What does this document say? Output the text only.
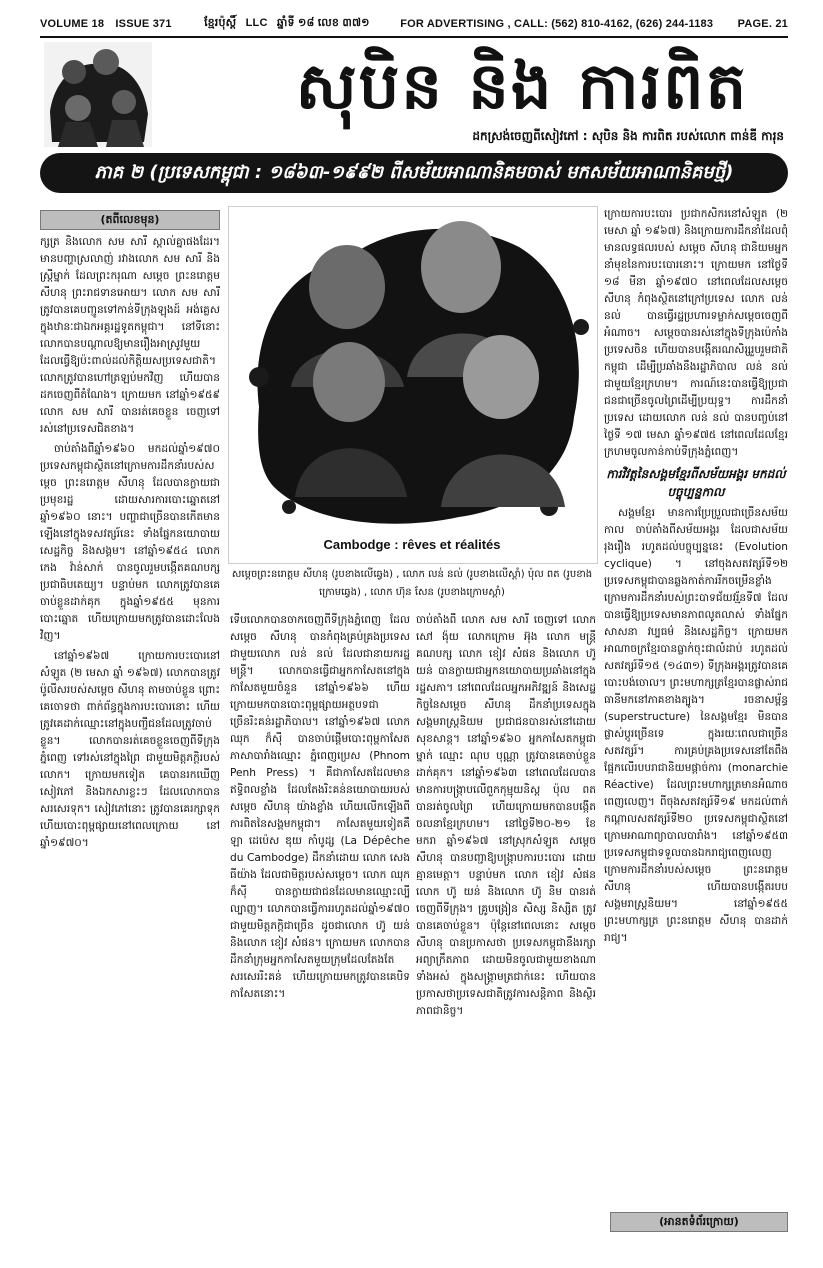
VOLUME 18 ISSUE 371	ខ្មែរប៉ុស្តិ៍ LLC ឆ្នាំទី ១៨ លេខ ៣៧១	FOR ADVERTISING , CALL: (562) 810-4162, (626) 244-1183 PAGE. 21
សុបិន និង ការពិត
ដកស្រង់ចេញពីសៀវភៅ : សុបិន និង ការពិត របស់លោក ពាន់ឌី ការុន
ភាគ ២ (ប្រទេសកម្ពុជា : ១៨៦៣-១៩៩២ ពីសម័យអាណានិគមចាស់ មកសម័យអាណានិគមថ្មី)
(តពីលេខមុន)

ក្សត្រ និងលោក សម សារី ស្គាល់គ្នាផងដែរ។ មានបញ្ហាស្រលាញ់ រវាងលោក សម សារី និងស្ត្រីម្នាក់ ដែលព្រះករុណា សម្តេច ព្រះនរោត្តម សីហនុ ព្រះរាជទានអោយ។ លោក សម សារី ត្រូវបានគេបញ្ជូនទៅកាន់ទីក្រុងឡុងដ៍ អង់គ្លេស ក្នុងឋានៈជាឯកអគ្គរដ្ឋទូតកម្ពុជា។ នៅទីនោះ លោកបានបណ្តាលឱ្យមានរឿងអាស្រូវមួយ ដែលធ្វើឱ្យប៉ះពាល់ដល់កិត្តិយសប្រទេសជាតិ។ លោកត្រូវបានហៅត្រឡប់មកវិញ ហើយបានដកចេញពីតំណែង។ ក្រោយមក នៅឆ្នាំ១៩៥៩ លោក សម សារី បានរត់គេចខ្លួន ចេញទៅរស់នៅប្រទេសជិតខាង។

ចាប់តាំងពីឆ្នាំ១៩៦០ មកដល់ឆ្នាំ១៩៧០ ប្រទេសកម្ពុជាស្ថិតនៅក្រោមការដឹកនាំរបស់សម្តេច ព្រះនរោត្តម សីហនុ ដែលបានក្លាយជាប្រមុខរដ្ឋ ដោយសារការបោះឆ្នោតនៅឆ្នាំ១៩៦០ នោះ។ បញ្ហាជាច្រើនបានកើតមានឡើងនៅក្នុងទសវត្សរ៍នេះ ទាំងផ្នែកនយោបាយ សេដ្ឋកិច្ច និងសង្គម។ នៅឆ្នាំ១៩៥៤ លោក កេង វ៉ាន់សាក់ បានចូលរួមបង្កើតគណបក្សប្រជាធិបតេយ្យ។ បន្ទាប់មក លោកត្រូវបានគេចាប់ខ្លួនដាក់គុក ក្នុងឆ្នាំ១៩៥៥ មុនការបោះឆ្នោត ហើយក្រោយមកត្រូវបានដោះលែងវិញ។

នៅឆ្នាំ១៩៦៧ ក្រោយការបះបោរនៅសំឡូត (២ មេសា ឆ្នាំ ១៩៦៧) លោកបានត្រូវប៉ូលីសរបស់សម្តេច សីហនុ តាមចាប់ខ្លួន ព្រោះគេចោទថា ពាក់ព័ន្ធក្នុងការបះបោរនោះ ហើយត្រូវគេដាក់ឈ្មោះនៅក្នុងបញ្ជីជនដែលត្រូវចាប់ខ្លួន។ លោកបានរត់គេចខ្លួនចេញពីទីក្រុងភ្នំពេញ ទៅរស់នៅក្នុងព្រៃ ជាមួយមិត្តភក្តិរបស់លោក។ ក្រោយមកទៀត គេបានរកឃើញសៀវភៅ និងឯកសារខ្លះៗ ដែលលោកបានសរសេរទុក។ សៀវភៅនោះ ត្រូវបានគេរក្សាទុក ហើយបោះពុម្ពផ្សាយនៅពេលក្រោយ នៅឆ្នាំ១៩៧០។

Cambodge : rêves et réalités
សម្តេចព្រះនរោត្តម សីហនុ (រូបខាងលើឆ្វេង) , លោក លន់ នល់ (រូបខាងលើស្តាំ) ប៉ុល ពត (រូបខាងក្រោមឆ្វេង) , លោក ហ៊ុន សែន (រូបខាងក្រោមស្តាំ)

ទើបលោកបានចាកចេញពីទីក្រុងភ្នំពេញ ដែលសម្តេច សីហនុ បានកំពុងគ្រប់គ្រងប្រទេស ជាមួយលោក លន់ នល់ ដែលជានាយករដ្ឋមន្ត្រី។ លោកបានធ្វើជាអ្នកកាសែតនៅក្នុងកាសែតមួយចំនួន នៅឆ្នាំ១៩៦៦ ហើយក្រោយមកបានបោះពុម្ពផ្សាយអត្ថបទជាច្រើនរិះគន់រដ្ឋាភិបាល។ នៅឆ្នាំ១៩៦៧ លោក ឈុក ក៏សុី បានចាប់ផ្តើមបោះពុម្ពកាសែតភាសាបារាំងឈ្មោះ ភ្នំពេញប្រេស (Phnom Penh Press) ។ គឺជាកាសែតដែលមានឥទ្ធិពលខ្លាំង ដែលតែងរិះគន់នយោបាយរបស់សម្តេច សីហនុ យ៉ាងខ្លាំង ហើយលើកឡើងពីការពិតនៃសង្គមកម្ពុជា។ កាសែតមួយទៀតគឺ ឡា ដេប៉េស ឌុយ កាំបូដ្ស (La Dépêche du Cambodge) ដឹកនាំដោយ លោក សេង ធីយ៉ាង ដែលជាមិត្តរបស់សម្តេច។ លោក ឈុក ក៏សុី បានក្លាយជាជនដែលមានឈ្មោះល្បីល្បាញ។ លោកបានធ្វើការរហូតដល់ឆ្នាំ១៩៧០ ជាមួយមិត្តភក្តិជាច្រើន ដូចជាលោក ហ៊ូ យន់ និងលោក ខៀវ សំផន។ ក្រោយមក លោកបានដឹកនាំក្រុមអ្នកកាសែតមួយក្រុមដែលតែងតែសរសេររិះគន់ ហើយក្រោយមកត្រូវបានគេបិទកាសែតនោះ។

ចាប់តាំងពី លោក សម សារី ចេញទៅ លោក សៅ ង៉ុយ លោកក្រោម អ៊ុង លោក មន្ត្រីគណបក្ស លោក ខៀវ សំផន និងលោក ហ៊ូ យន់ បានក្លាយជាអ្នកនយោបាយប្រឆាំងនៅក្នុងរដ្ឋសភា។ នៅពេលដែលអ្នកអភិវឌ្ឍន៍ និងសេដ្ឋកិច្ចនៃសម្តេច សីហនុ ដឹកនាំប្រទេសក្នុងសង្គមរាស្ត្រនិយម ប្រជាជនបានរស់នៅដោយសុខសាន្ត។ នៅឆ្នាំ១៩៦០ អ្នកកាសែតកម្ពុជាម្នាក់ ឈ្មោះ ណុប បុណ្ណា ត្រូវបានគេចាប់ខ្លួនដាក់គុក។ នៅឆ្នាំ១៩៦៣ នៅពេលដែលបានមានការបង្ក្រាបលើពួកកុម្មុយនិស្ត ប៉ុល ពត បានរត់ចូលព្រៃ ហើយក្រោយមកបានបង្កើតចលនាខ្មែរក្រហម។ នៅថ្ងៃទី២០-២១ ខែ មករា ឆ្នាំ១៩៦៧ នៅស្រុកសំឡូត សម្តេច សីហនុ បានបញ្ជាឱ្យបង្ក្រាបការបះបោរ ដោយគ្មានមេត្តា។ បន្ទាប់មក លោក ខៀវ សំផន លោក ហ៊ូ យន់ និងលោក ហ៊ូ និម បានរត់ចេញពីទីក្រុង។ គ្រូបង្រៀន សិស្ស និស្សិត ត្រូវបានគេចាប់ខ្លួន។ ប៉ុន្តែនៅពេលនោះ សម្តេច សីហនុ បានប្រកាសថា ប្រទេសកម្ពុជានឹងរក្សាអព្យាក្រឹតភាព ដោយមិនចូលជាមួយខាងណាទាំងអស់ ក្នុងសង្គ្រាមត្រជាក់នេះ ហើយបានប្រកាសថាប្រទេសជាតិត្រូវការសន្តិភាព និងស្ថិរភាពជានិច្ច។

ក្រោយការបះបោរ ប្រជាកសិករនៅសំឡូត (២ មេសា ឆ្នាំ ១៩៦៧) និងក្រោយការដឹកនាំដែលពុំមានលទ្ធផលរបស់ សម្តេច សីហនុ ជានិយមអ្នកនាំមុខនៃការបះបោរនោះ។ ក្រោយមក នៅថ្ងៃទី ១៨ មីនា ឆ្នាំ១៩៧០ នៅពេលដែលសម្តេច សីហនុ កំពុងស្ថិតនៅក្រៅប្រទេស លោក លន់ នល់ បានធ្វើរដ្ឋប្រហារទម្លាក់សម្តេចចេញពីអំណាច។ សម្តេចបានរស់នៅក្នុងទីក្រុងប៉េកាំង ប្រទេសចិន ហើយបានបង្កើតរណសិរ្សរួបរួមជាតិកម្ពុជា ដើម្បីប្រឆាំងនឹងរដ្ឋាភិបាល លន់ នល់ ជាមួយខ្មែរក្រហម។ ការណ៍នេះបានធ្វើឱ្យប្រជាជនជាច្រើនចូលព្រៃដើម្បីប្រយុទ្ធ។ ការដឹកនាំប្រទេស ដោយលោក លន់ នល់ បានបញ្ចប់នៅថ្ងៃទី ១៧ មេសា ឆ្នាំ១៩៧៥ នៅពេលដែលខ្មែរក្រហមចូលកាន់កាប់ទីក្រុងភ្នំពេញ។

ការវិវត្តនៃសង្គមខ្មែរពីសម័យអង្គរ មកដល់បច្ចុប្បន្នកាល

សង្គមខ្មែរ មានការប្រែប្រួលជាច្រើនសម័យកាល ចាប់តាំងពីសម័យអង្គរ ដែលជាសម័យរុងរឿង រហូតដល់បច្ចុប្បន្ននេះ (Evolution cyclique) ។ នៅចុងសតវត្សរ៍ទី១២ ប្រទេសកម្ពុជាបានឆ្លងកាត់ការរីកចម្រើនខ្លាំង ក្រោមការដឹកនាំរបស់ព្រះបាទជ័យវរ្ម័នទី៧ ដែលបានធ្វើឱ្យប្រទេសមានភាពលូតលាស់ ទាំងផ្នែកសាសនា វប្បធម៌ និងសេដ្ឋកិច្ច។ ក្រោយមកអាណាចក្រខ្មែរបានធ្លាក់ចុះជាលំដាប់ រហូតដល់សតវត្សរ៍ទី១៥ (១៤៣១) ទីក្រុងអង្គរត្រូវបានគេបោះបង់ចោល។ ព្រះមហាក្សត្រខ្មែរបានផ្លាស់រាជធានីមកនៅភាគខាងត្បូង។ រចនាសម្ព័ន្ធ (superstructure) នៃសង្គមខ្មែរ មិនបានផ្លាស់ប្តូរច្រើនទេ ក្នុងរយៈពេលជាច្រើនសតវត្សរ៍។ ការគ្រប់គ្រងប្រទេសនៅតែពឹងផ្អែកលើរបបរាជានិយមផ្តាច់ការ (monarchie Réactive) ដែលព្រះមហាក្សត្រមានអំណាចពេញលេញ។ ពីចុងសតវត្សរ៍ទី១៩ មកដល់ពាក់កណ្តាលសតវត្សរ៍ទី២០ ប្រទេសកម្ពុជាស្ថិតនៅក្រោមអាណាព្យាបាលបារាំង។ នៅឆ្នាំ១៩៥៣ ប្រទេសកម្ពុជាទទួលបានឯករាជ្យពេញលេញ ក្រោមការដឹកនាំរបស់សម្តេច ព្រះនរោត្តម សីហនុ ហើយបានបង្កើតរបបសង្គមរាស្ត្រនិយម។ នៅឆ្នាំ១៩៥៥ ព្រះមហាក្សត្រ ព្រះនរោត្តម សីហនុ បានដាក់រាជ្យ។

(អានតទំព័រក្រោយ)
